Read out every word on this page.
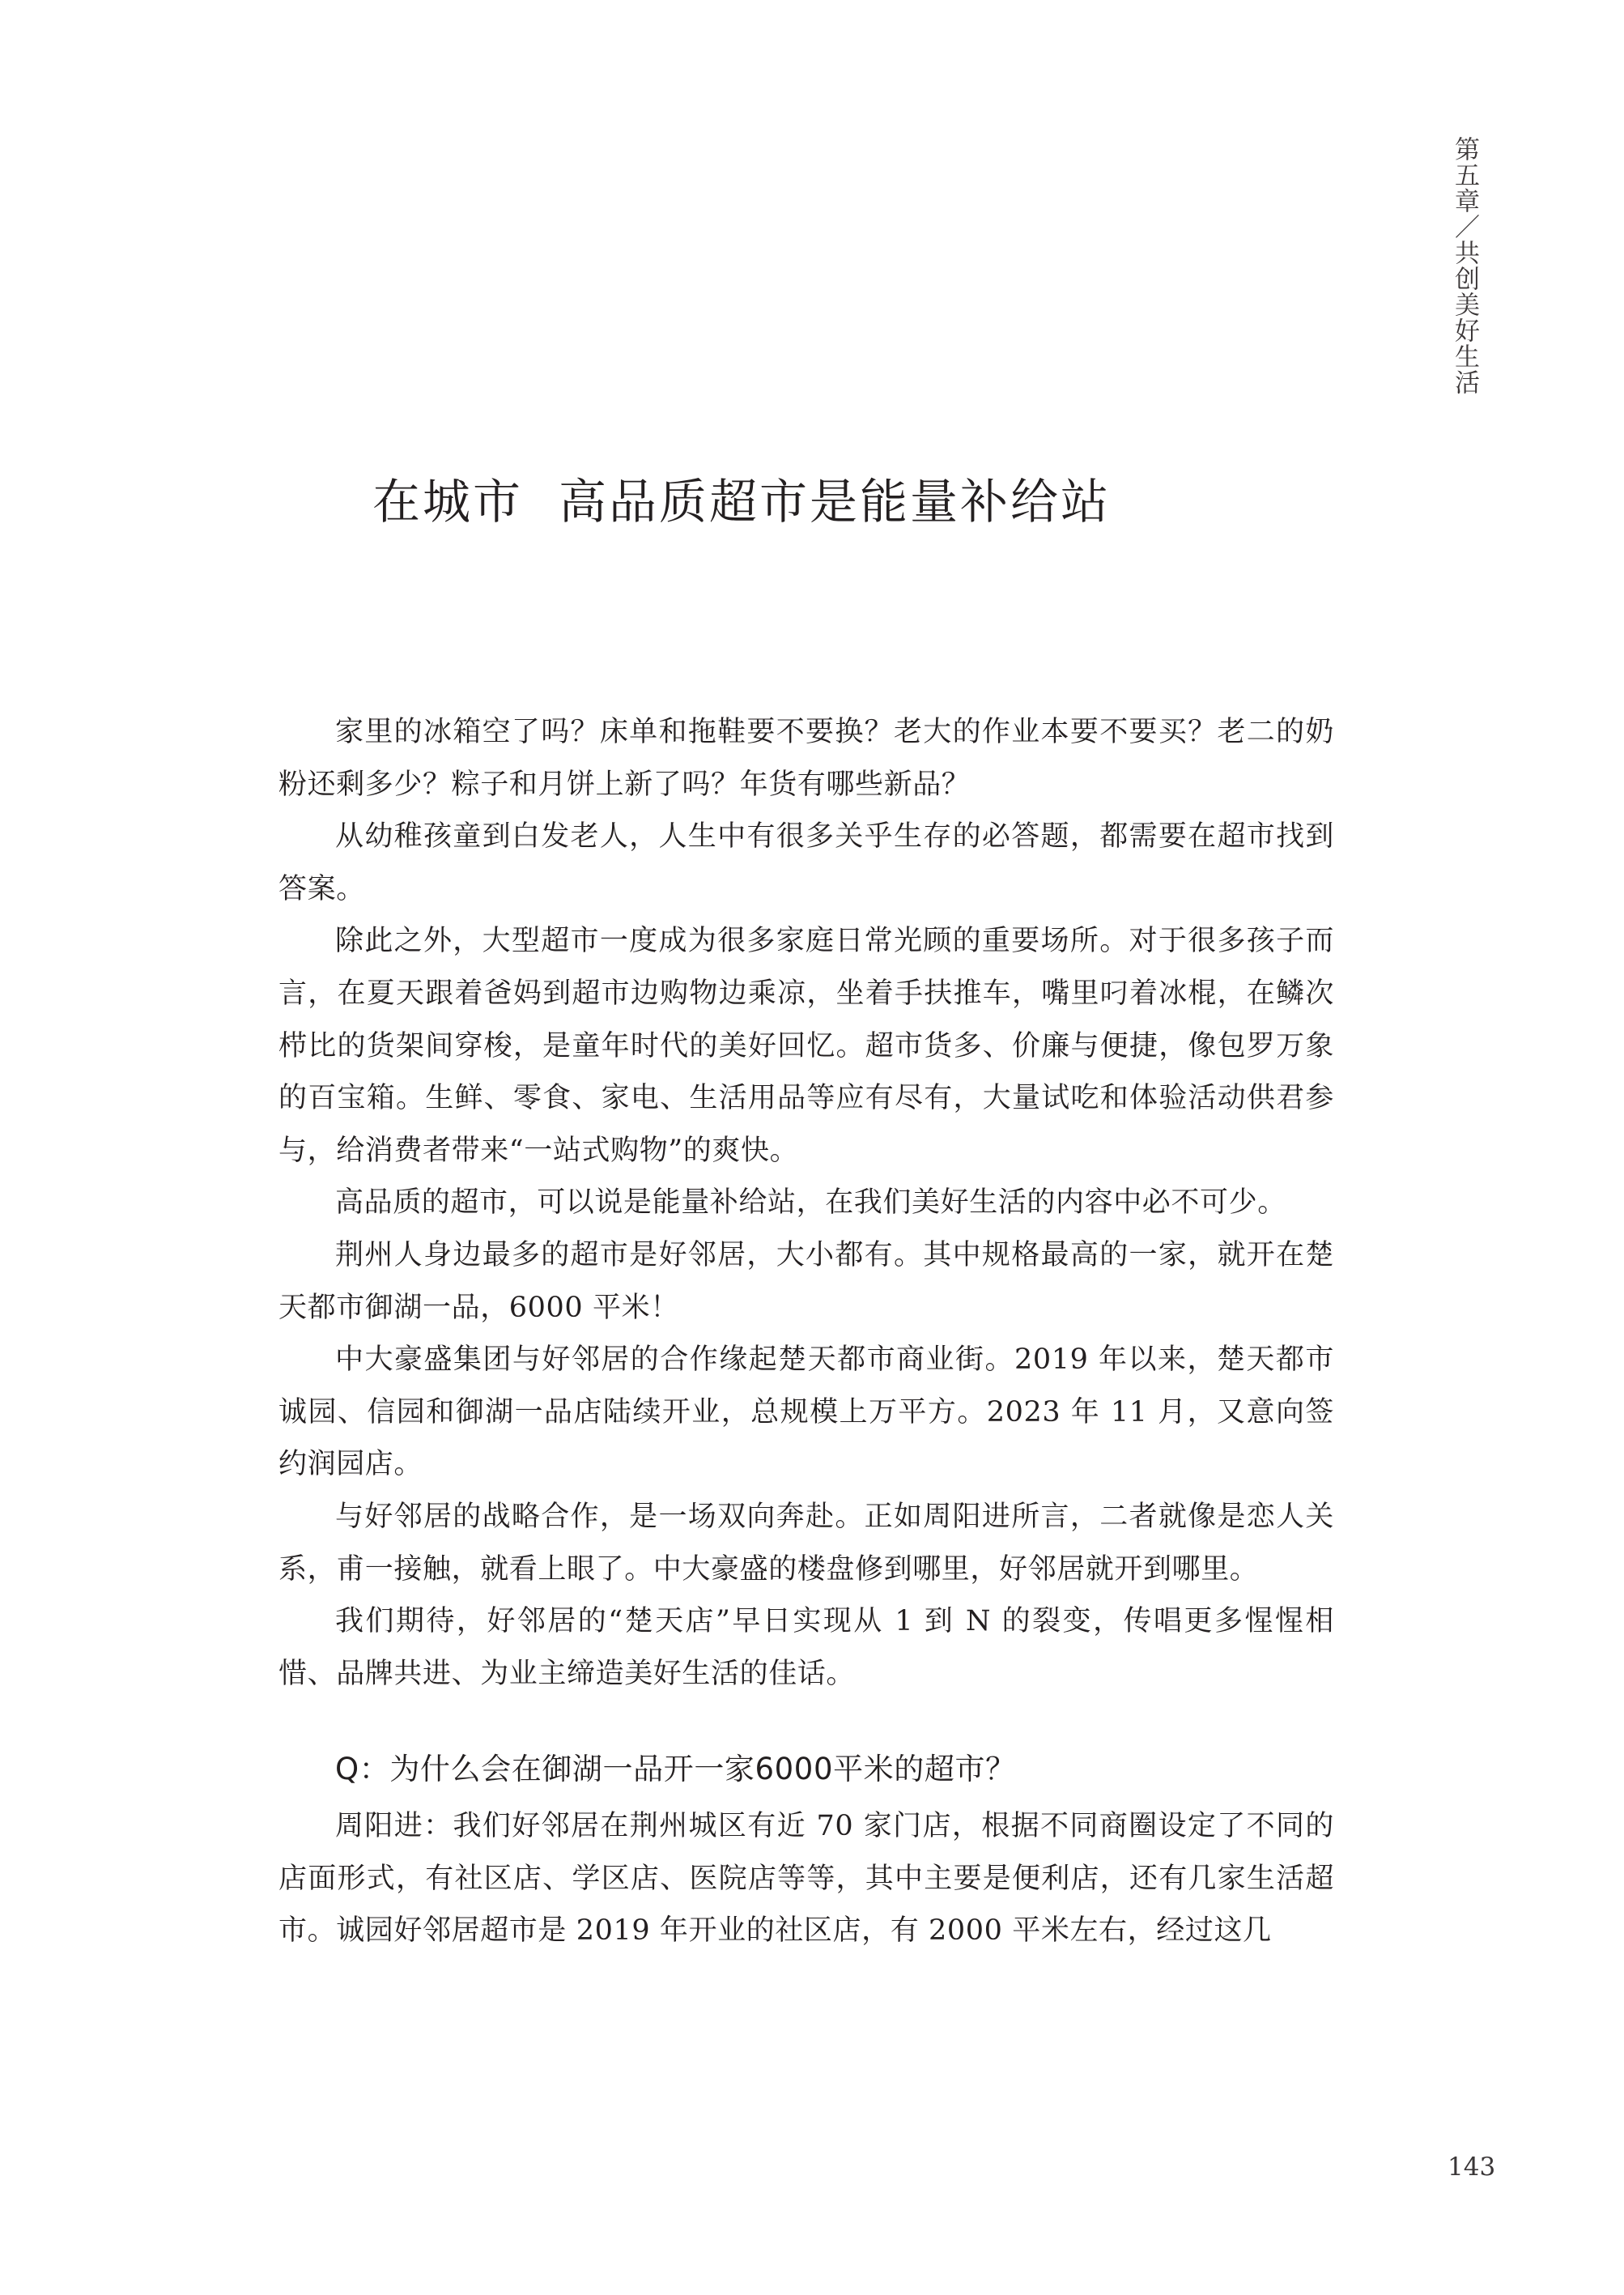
第五章／共创美好生活
在城市 高品质超市是能量补给站

家里的冰箱空了吗？床单和拖鞋要不要换？老大的作业本要不要买？老二的奶粉还剩多少？粽子和月饼上新了吗？年货有哪些新品？

从幼稚孩童到白发老人，人生中有很多关乎生存的必答题，都需要在超市找到答案。

除此之外，大型超市一度成为很多家庭日常光顾的重要场所。对于很多孩子而言，在夏天跟着爸妈到超市边购物边乘凉，坐着手扶推车，嘴里叼着冰棍，在鳞次栉比的货架间穿梭，是童年时代的美好回忆。超市货多、价廉与便捷，像包罗万象的百宝箱。生鲜、零食、家电、生活用品等应有尽有，大量试吃和体验活动供君参与，给消费者带来“一站式购物”的爽快。

高品质的超市，可以说是能量补给站，在我们美好生活的内容中必不可少。

荆州人身边最多的超市是好邻居，大小都有。其中规格最高的一家，就开在楚天都市御湖一品，6000 平米！

中大豪盛集团与好邻居的合作缘起楚天都市商业街。2019 年以来，楚天都市诚园、信园和御湖一品店陆续开业，总规模上万平方。2023 年 11 月，又意向签约润园店。

与好邻居的战略合作，是一场双向奔赴。正如周阳进所言，二者就像是恋人关系，甫一接触，就看上眼了。中大豪盛的楼盘修到哪里，好邻居就开到哪里。

我们期待，好邻居的“楚天店”早日实现从 1 到 N 的裂变，传唱更多惺惺相惜、品牌共进、为业主缔造美好生活的佳话。

Q：为什么会在御湖一品开一家6000平米的超市？

周阳进：我们好邻居在荆州城区有近 70 家门店，根据不同商圈设定了不同的店面形式，有社区店、学区店、医院店等等，其中主要是便利店，还有几家生活超市。诚园好邻居超市是 2019 年开业的社区店，有 2000 平米左右，经过这几

143
